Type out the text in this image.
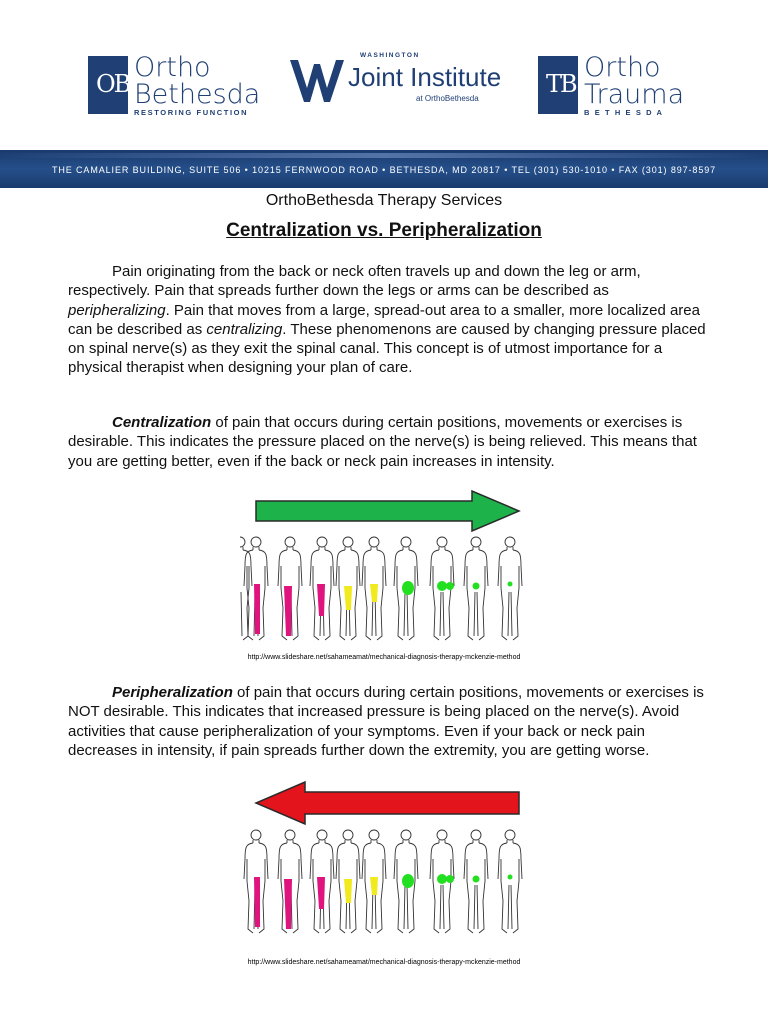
OB
Ortho
Bethesda
RESTORING FUNCTION
WASHINGTON
Joint Institute
at OrthoBethesda
TB
Ortho
Trauma
B E T H E S D A
THE CAMALIER BUILDING, SUITE 506 • 10215 FERNWOOD ROAD • BETHESDA, MD 20817 • TEL (301) 530-1010 • FAX (301) 897-8597
OrthoBethesda Therapy Services
Centralization vs. Peripheralization
Pain originating from the back or neck often travels up and down the leg or arm, respectively. Pain that spreads further down the legs or arms can be described as peripheralizing. Pain that moves from a large, spread-out area to a smaller, more localized area can be described as centralizing. These phenomenons are caused by changing pressure placed on spinal nerve(s) as they exit the spinal canal. This concept is of utmost importance for a physical therapist when designing your plan of care.
Centralization of pain that occurs during certain positions, movements or exercises is desirable. This indicates the pressure placed on the nerve(s) is being relieved. This means that you are getting better, even if the back or neck pain increases in intensity.
http://www.slideshare.net/sahameamat/mechanical-diagnosis-therapy-mckenzie-method
Peripheralization of pain that occurs during certain positions, movements or exercises is NOT desirable. This indicates that increased pressure is being placed on the nerve(s). Avoid activities that cause peripheralization of your symptoms. Even if your back or neck pain decreases in intensity, if pain spreads further down the extremity, you are getting worse.
http://www.slideshare.net/sahameamat/mechanical-diagnosis-therapy-mckenzie-method
